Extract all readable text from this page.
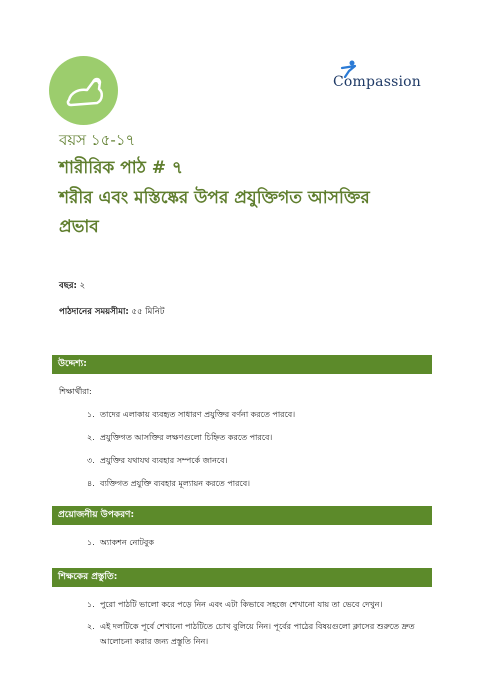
Compassion
বয়স ১৫-১৭
শারীরিক পাঠ # ৭
শরীর এবং মস্তিষ্কের উপর প্রযুক্তিগত আসক্তির
প্রভাব
বছর: ২
পাঠদানের সময়সীমা: ৫৫ মিনিট
উদ্দেশ্য:
শিক্ষার্থীরা:
১. তাদের এলাকায় ব্যবহৃত সাধারণ প্রযুক্তির বর্ণনা করতে পারবে।
২. প্রযুক্তিগত আসক্তির লক্ষণগুলো চিহ্নিত করতে পারবে।
৩. প্রযুক্তির যথাযথ ব্যবহার সম্পর্কে জানবে।
৪. ব্যক্তিগত প্রযুক্তি ব্যবহার মূল্যায়ন করতে পারবে।
প্রয়োজনীয় উপকরণ:
১. অ্যাকশন নোটবুক
শিক্ষকের প্রস্তুতি:
১. পুরো পাঠটি ভালো করে পড়ে নিন এবং এটা কিভাবে সহজে শেখানো যায় তা ভেবে দেখুন।
২. এই দলটিকে পূর্বে শেখানো পাঠটিতে চোখ বুলিয়ে নিন। পূর্বের পাঠের বিষয়গুলো ক্লাসের শুরুতে দ্রুত
আলোচনা করার জন্য প্রস্তুতি নিন।
